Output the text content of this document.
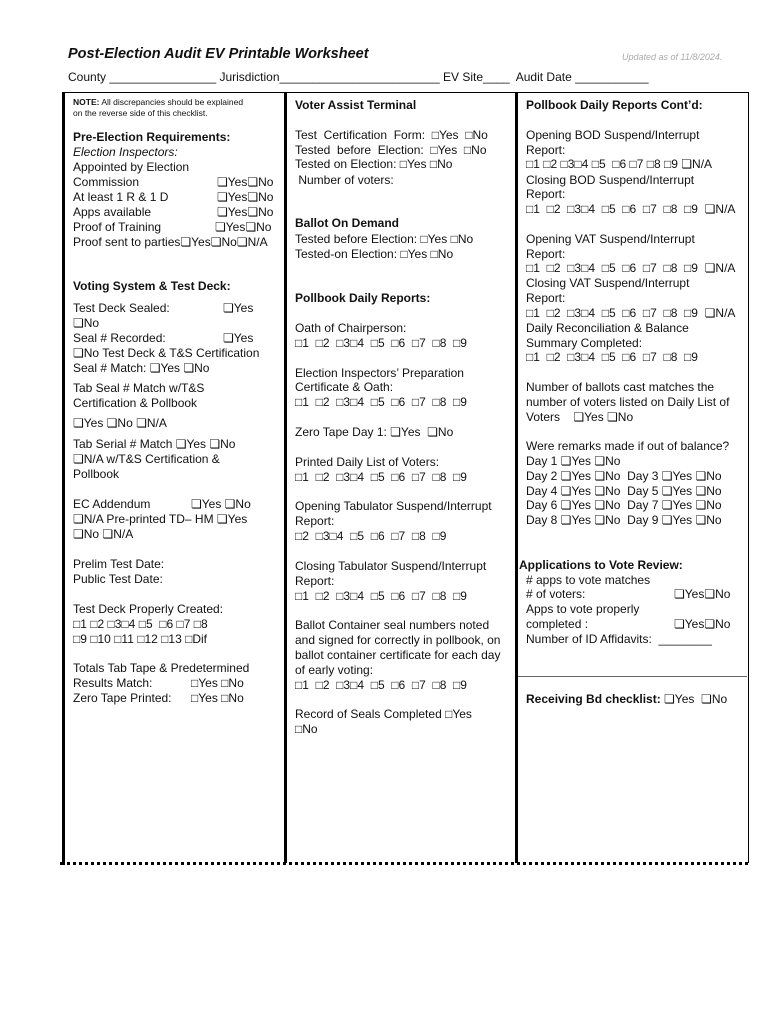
Post-Election Audit EV Printable Worksheet	Updated as of 11/8/2024.
County ________________ Jurisdiction________________________ EV Site____  Audit Date ___________
NOTE: All discrepancies should be explained
on the reverse side of this checklist.
Pre-Election Requirements:
Election Inspectors:
Appointed by Election
Commission	❏Yes❏No
At least 1 R & 1 D	❏Yes❏No
Apps available	❏Yes❏No
Proof of Training	❏Yes❏No
Proof sent to parties❏Yes❏No❏N/A
Voting System & Test Deck:
Test Deck Sealed:	❏Yes
❏No
Seal # Recorded:	❏Yes
❏No Test Deck & T&S Certification
Seal # Match: ❏Yes ❏No
Tab Seal # Match w/T&S
Certification & Pollbook
❏Yes ❏No ❏N/A
Tab Serial # Match ❏Yes ❏No
❏N/A w/T&S Certification &
Pollbook
EC Addendum	❏Yes ❏No
❏N/A Pre-printed TD– HM ❏Yes
❏No ❏N/A
Prelim Test Date:
Public Test Date:
Test Deck Properly Created:
□1 □2 □3□4 □5  □6 □7 □8
□9 □10 □11 □12 □13 □Dif
Totals Tab Tape & Predetermined
Results Match:	□Yes □No
Zero Tape Printed: □Yes □No
Voter Assist Terminal
Test  Certification  Form:  □Yes  □No
Tested  before  Election:  □Yes  □No
Tested on Election: □Yes □No
Number of voters:
Ballot On Demand
Tested before Election: □Yes □No
Tested-on Election: □Yes □No
Pollbook Daily Reports:
Oath of Chairperson:
□1  □2  □3□4  □5  □6  □7  □8  □9
Election Inspectors’ Preparation
Certificate & Oath:
□1  □2  □3□4  □5  □6  □7  □8  □9
Zero Tape Day 1: ❏Yes  ❏No
Printed Daily List of Voters:
□1  □2  □3□4  □5  □6  □7  □8  □9
Opening Tabulator Suspend/Interrupt
Report:
□2  □3□4  □5  □6  □7  □8  □9
Closing Tabulator Suspend/Interrupt
Report:
□1  □2  □3□4  □5  □6  □7  □8  □9
Ballot Container seal numbers noted
and signed for correctly in pollbook, on
ballot container certificate for each day
of early voting:
□1  □2  □3□4  □5  □6  □7  □8  □9
Record of Seals Completed □Yes
□No
Pollbook Daily Reports Cont’d:
Opening BOD Suspend/Interrupt
Report:
□1 □2 □3□4 □5  □6 □7 □8 □9 ❏N/A
Closing BOD Suspend/Interrupt
Report:
□1  □2  □3□4  □5  □6  □7  □8  □9  ❏N/A
Opening VAT Suspend/Interrupt
Report:
□1  □2  □3□4  □5  □6  □7  □8  □9  ❏N/A
Closing VAT Suspend/Interrupt
Report:
□1  □2  □3□4  □5  □6  □7  □8  □9  ❏N/A
Daily Reconciliation & Balance
Summary Completed:
□1  □2  □3□4  □5  □6  □7  □8  □9
Number of ballots cast matches the
number of voters listed on Daily List of
Voters    ❏Yes ❏No
Were remarks made if out of balance?
Day 1 ❏Yes ❏No
Day 2 ❏Yes ❏No  Day 3 ❏Yes ❏No
Day 4 ❏Yes ❏No  Day 5 ❏Yes ❏No
Day 6 ❏Yes ❏No  Day 7 ❏Yes ❏No
Day 8 ❏Yes ❏No  Day 9 ❏Yes ❏No
Applications to Vote Review:
# apps to vote matches
# of voters:	❏Yes❏No
Apps to vote properly
completed :	❏Yes❏No
Number of ID Affidavits:  ________
Receiving Bd checklist: ❏Yes  ❏No
